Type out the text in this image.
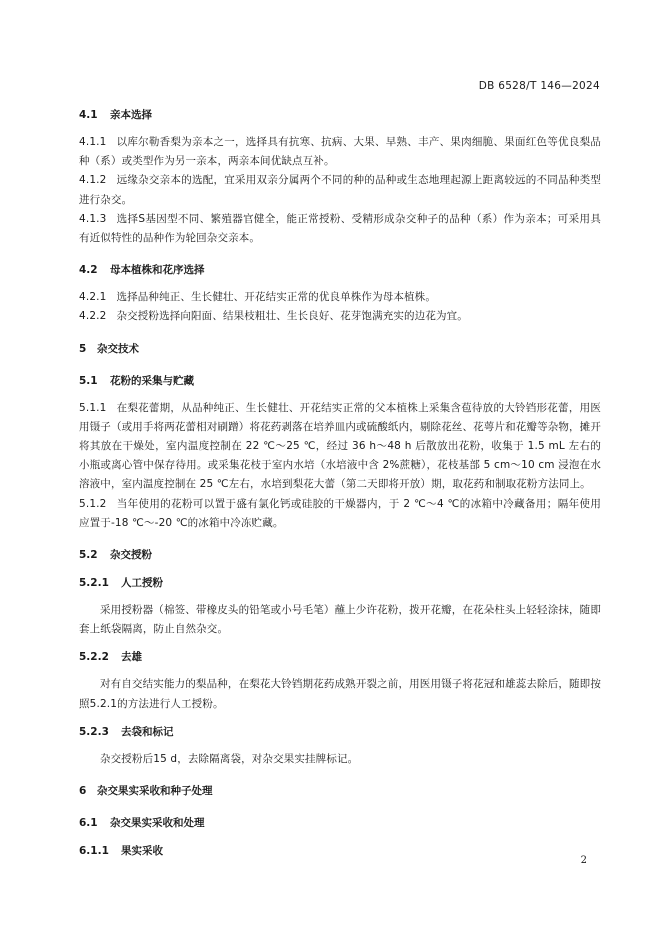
DB 6528/T 146—2024
4.1 亲本选择
4.1.1 以库尔勒香梨为亲本之一，选择具有抗寒、抗病、大果、早熟、丰产、果肉细脆、果面红色等优良梨品种（系）或类型作为另一亲本，两亲本间优缺点互补。
4.1.2 远缘杂交亲本的选配，宜采用双亲分属两个不同的种的品种或生态地理起源上距离较远的不同品种类型进行杂交。
4.1.3 选择S基因型不同、繁殖器官健全，能正常授粉、受精形成杂交种子的品种（系）作为亲本；可采用具有近似特性的品种作为轮回杂交亲本。
4.2 母本植株和花序选择
4.2.1 选择品种纯正、生长健壮、开花结实正常的优良单株作为母本植株。
4.2.2 杂交授粉选择向阳面、结果枝粗壮、生长良好、花芽饱满充实的边花为宜。
5 杂交技术
5.1 花粉的采集与贮藏
5.1.1 在梨花蕾期，从品种纯正、生长健壮、开花结实正常的父本植株上采集含苞待放的大铃铛形花蕾，用医用镊子（或用手将两花蕾相对刷蹭）将花药剥落在培养皿内或硫酸纸内，剔除花丝、花萼片和花瓣等杂物，摊开将其放在干燥处，室内温度控制在 22 ℃～25 ℃，经过 36 h～48 h 后散放出花粉，收集于 1.5 mL 左右的小瓶或离心管中保存待用。或采集花枝于室内水培（水培液中含 2%蔗糖），花枝基部 5 cm～10 cm 浸泡在水溶液中，室内温度控制在 25 ℃左右，水培到梨花大蕾（第二天即将开放）期，取花药和制取花粉方法同上。
5.1.2 当年使用的花粉可以置于盛有氯化钙或硅胶的干燥器内，于 2 ℃～4 ℃的冰箱中冷藏备用；隔年使用应置于-18 ℃～-20 ℃的冰箱中冷冻贮藏。
5.2 杂交授粉
5.2.1 人工授粉
采用授粉器（棉签、带橡皮头的铅笔或小号毛笔）蘸上少许花粉，拨开花瓣，在花朵柱头上轻轻涂抹，随即套上纸袋隔离，防止自然杂交。
5.2.2 去雄
对有自交结实能力的梨品种，在梨花大铃铛期花药成熟开裂之前，用医用镊子将花冠和雄蕊去除后，随即按照5.2.1的方法进行人工授粉。
5.2.3 去袋和标记
杂交授粉后15 d，去除隔离袋，对杂交果实挂牌标记。
6 杂交果实采收和种子处理
6.1 杂交果实采收和处理
6.1.1 果实采收
2
